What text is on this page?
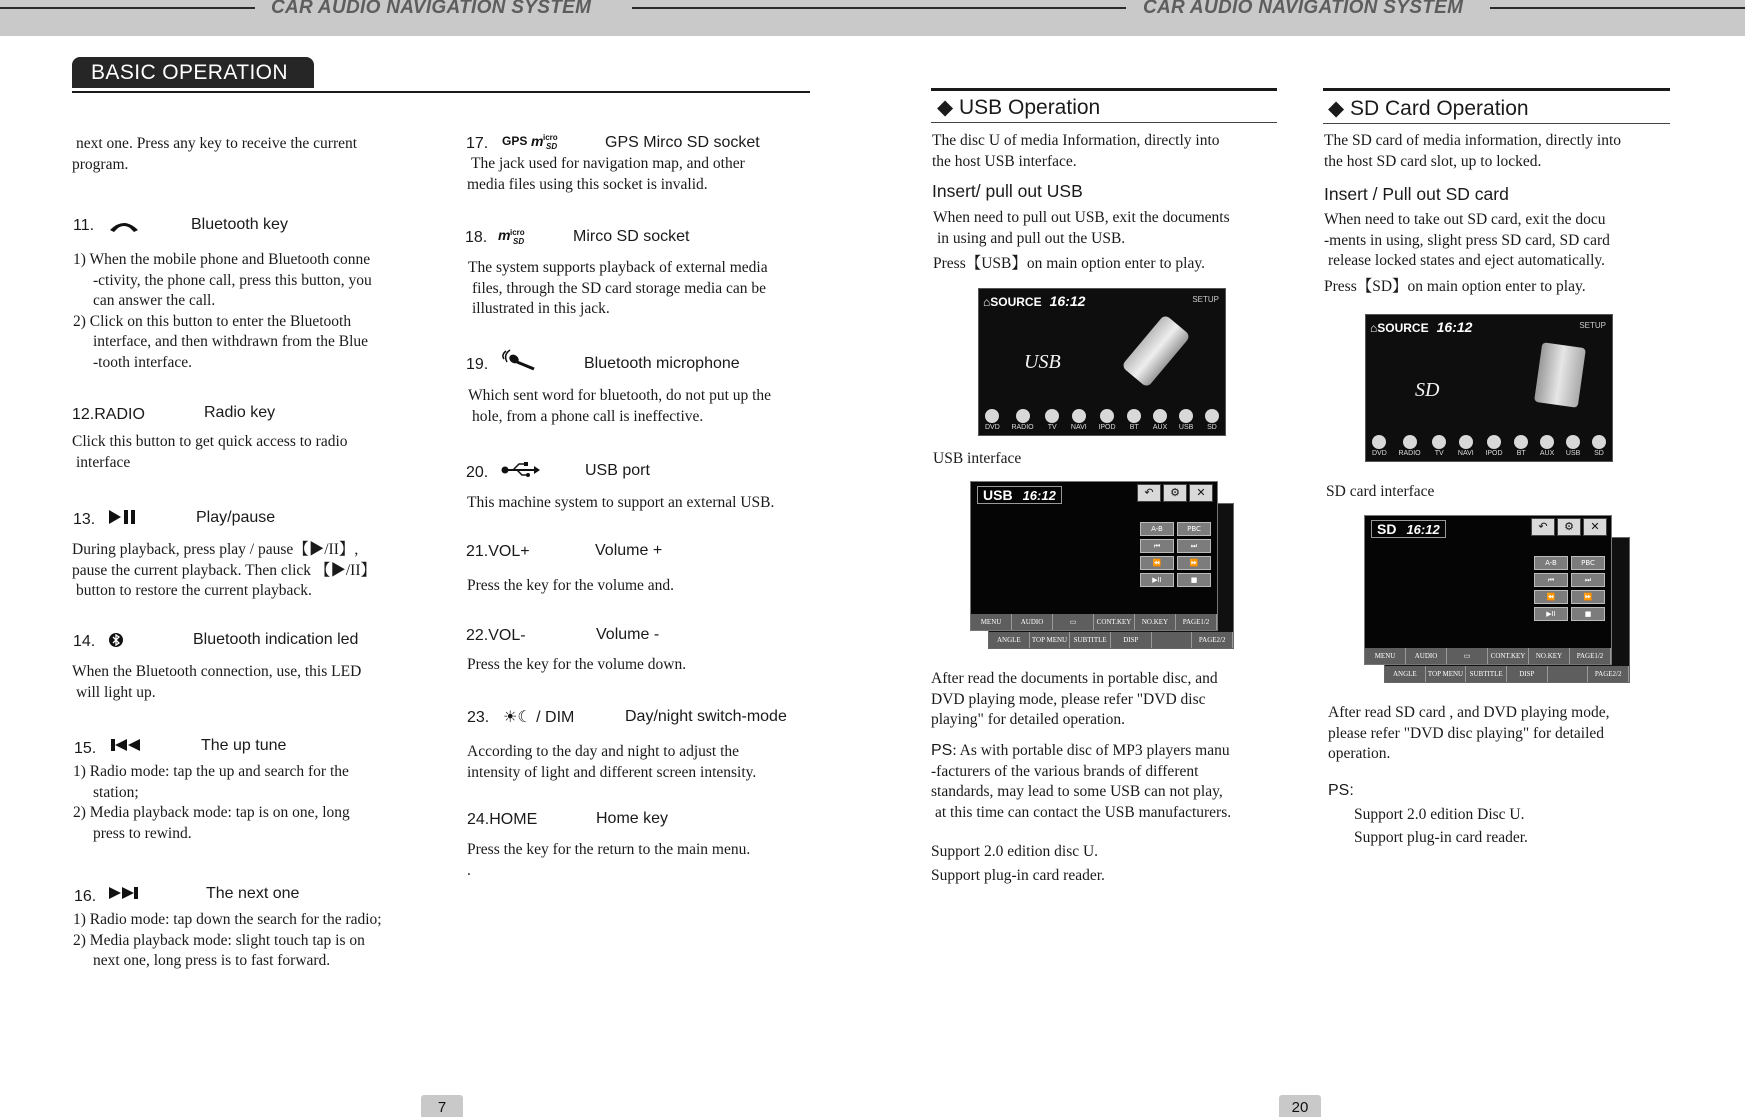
CAR AUDIO NAVIGATION SYSTEM	CAR AUDIO NAVIGATION SYSTEM
BASIC OPERATION
next one. Press any key to receive the current
program.
11.	Bluetooth key
1) When the mobile phone and Bluetooth conne
-ctivity, the phone call, press this button, you
can answer the call.
2) Click on this button to enter the Bluetooth
interface, and then withdrawn from the Blue
-tooth interface.
12.RADIO	Radio key
Click this button to get quick access to radio
interface
13.	Play/pause
During playback, press play / pause【▶/II】,
pause the current playback. Then click 【▶/II】
button to restore the current playback.
14.	Bluetooth indication led
When the Bluetooth connection, use, this LED
will light up.
15.	The up tune
1) Radio mode: tap the up and search for the
station;
2) Media playback mode: tap is on one, long
press to rewind.
16.	The next one
1) Radio mode: tap down the search for the radio;
2) Media playback mode: slight touch tap is on
next one, long press is to fast forward.
17. GPS m icro
SD	GPS Mirco SD socket
The jack used for navigation map, and other
media files using this socket is invalid.
18. m icro
SD	Mirco SD socket
The system supports playback of external media
files, through the SD card storage media can be
illustrated in this jack.
19.	Bluetooth microphone
Which sent word for bluetooth, do not put up the
hole, from a phone call is ineffective.
20.	USB port
This machine system to support an external USB.
21.VOL+	Volume +
Press the key for the volume and.
22.VOL-	Volume -
Press the key for the volume down.
23. ☀☾ / DIM	Day/night switch-mode
According to the day and night to adjust the
intensity of light and different screen intensity.
24.HOME	Home key
Press the key for the return to the main menu.
.
◆ USB Operation
The disc U of media Information, directly into
the host USB interface.
Insert/ pull out USB
When need to pull out USB, exit the documents
in using and pull out the USB.
Press【USB】on main option enter to play.
⌂SOURCE 16:12	SETUP
USB
DVD RADIO TV NAVI IPOD BT AUX USB SD
USB interface
ANGLE	TOP MENU SUBTITLE	DISP	PAGE2/2
USB 16:12	↶	⚙	✕
A-B	PBC
⏮	⏭
⏪	⏩
▶II	■
MENU	AUDIO	▭	CONT.KEY	NO.KEY	PAGE1/2
After read the documents in portable disc, and
DVD playing mode, please refer "DVD disc
playing" for detailed operation.
PS: As with portable disc of MP3 players manu
-facturers of the various brands of different
standards, may lead to some USB can not play,
at this time can contact the USB manufacturers.
Support 2.0 edition disc U.
Support plug-in card reader.
◆ SD Card Operation
The SD card of media information, directly into
the host SD card slot, up to locked.
Insert / Pull out SD card
When need to take out SD card, exit the docu
-ments in using, slight press SD card, SD card
release locked states and eject automatically.
Press【SD】on main option enter to play.
⌂SOURCE 16:12	SETUP
SD
DVD RADIO TV NAVI IPOD BT AUX USB SD
SD card interface
ANGLE	TOP MENU SUBTITLE	DISP	PAGE2/2
SD 16:12	↶	⚙	✕
A-B	PBC
⏮	⏭
⏪	⏩
▶II	■
MENU	AUDIO	▭	CONT.KEY	NO.KEY	PAGE1/2
After read SD card , and DVD playing mode,
please refer "DVD disc playing" for detailed
operation.
PS:
Support 2.0 edition Disc U.
Support plug-in card reader.
7	20
